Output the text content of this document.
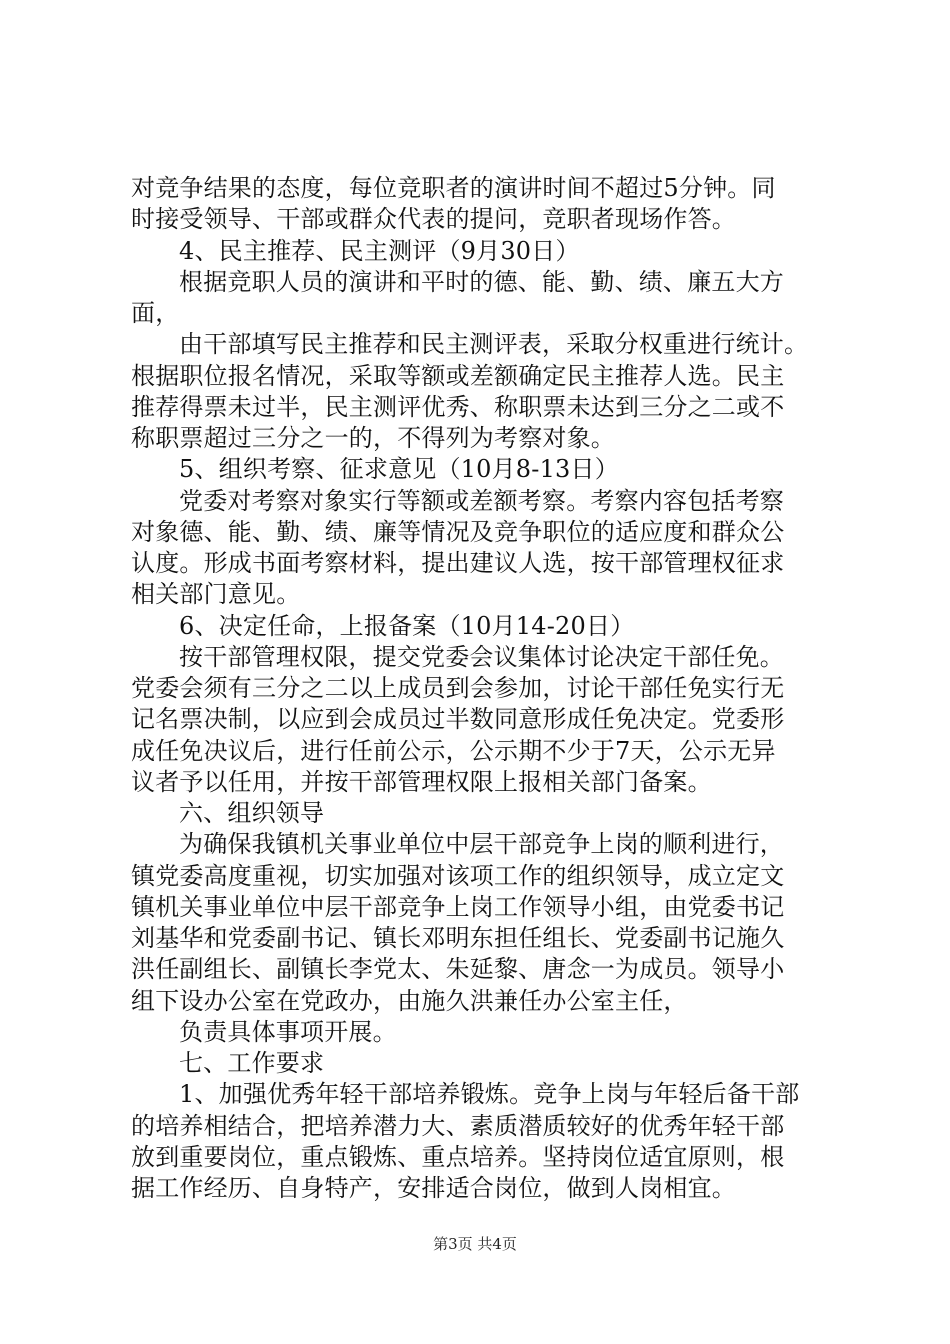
对竞争结果的态度，每位竞职者的演讲时间不超过5分钟。同
时接受领导、干部或群众代表的提问，竞职者现场作答。
4、民主推荐、民主测评（9月30日）
根据竞职人员的演讲和平时的德、能、勤、绩、廉五大方
面，
由干部填写民主推荐和民主测评表，采取分权重进行统计。
根据职位报名情况，采取等额或差额确定民主推荐人选。民主
推荐得票未过半，民主测评优秀、称职票未达到三分之二或不
称职票超过三分之一的，不得列为考察对象。
5、组织考察、征求意见（10月8-13日）
党委对考察对象实行等额或差额考察。考察内容包括考察
对象德、能、勤、绩、廉等情况及竞争职位的适应度和群众公
认度。形成书面考察材料，提出建议人选，按干部管理权征求
相关部门意见。
6、决定任命，上报备案（10月14-20日）
按干部管理权限，提交党委会议集体讨论决定干部任免。
党委会须有三分之二以上成员到会参加，讨论干部任免实行无
记名票决制，以应到会成员过半数同意形成任免决定。党委形
成任免决议后，进行任前公示，公示期不少于7天，公示无异
议者予以任用，并按干部管理权限上报相关部门备案。
六、组织领导
为确保我镇机关事业单位中层干部竞争上岗的顺利进行，
镇党委高度重视，切实加强对该项工作的组织领导，成立定文
镇机关事业单位中层干部竞争上岗工作领导小组，由党委书记
刘基华和党委副书记、镇长邓明东担任组长、党委副书记施久
洪任副组长、副镇长李党太、朱延黎、唐念一为成员。领导小
组下设办公室在党政办，由施久洪兼任办公室主任，
负责具体事项开展。
七、工作要求
1、加强优秀年轻干部培养锻炼。竞争上岗与年轻后备干部
的培养相结合，把培养潜力大、素质潜质较好的优秀年轻干部
放到重要岗位，重点锻炼、重点培养。坚持岗位适宜原则，根
据工作经历、自身特产，安排适合岗位，做到人岗相宜。
第3页 共4页
